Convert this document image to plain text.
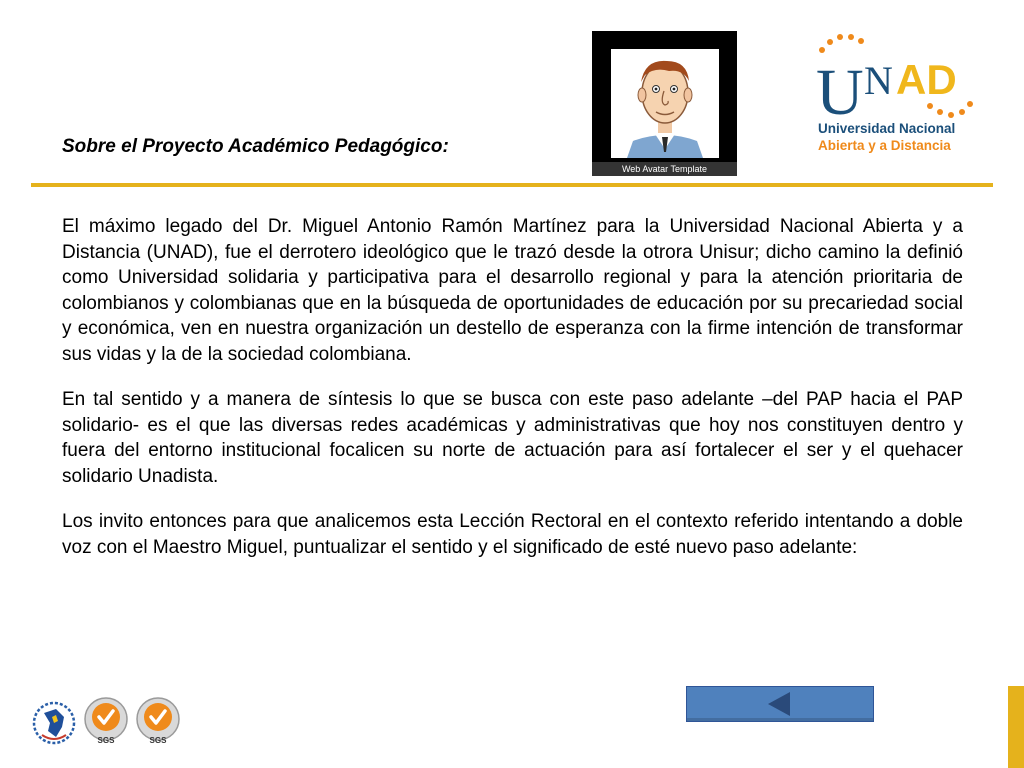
Sobre el Proyecto Académico Pedagógico:
Web Avatar Template
U N AD
Universidad Nacional
Abierta y a Distancia

El máximo legado del Dr. Miguel Antonio Ramón Martínez para la Universidad Nacional Abierta y a Distancia (UNAD), fue el derrotero ideológico que le trazó desde la otrora Unisur; dicho camino la definió como Universidad solidaria y participativa para el desarrollo regional y para la atención prioritaria de colombianos y colombianas que en la búsqueda de oportunidades de educación por su precariedad social y económica, ven en nuestra organización un destello de esperanza con la firme intención de transformar sus vidas y la de la sociedad colombiana.

En tal sentido y a manera de síntesis lo que se busca con este paso adelante –del PAP hacia el PAP solidario- es el que las diversas redes académicas y administrativas que hoy nos constituyen dentro y fuera del entorno institucional focalicen su norte de actuación para así fortalecer el ser y el quehacer solidario Unadista.

Los invito entonces para que analicemos esta Lección Rectoral en el contexto referido intentando a doble voz con el Maestro Miguel, puntualizar el sentido y el significado de esté nuevo paso adelante:

SGS	SGS
